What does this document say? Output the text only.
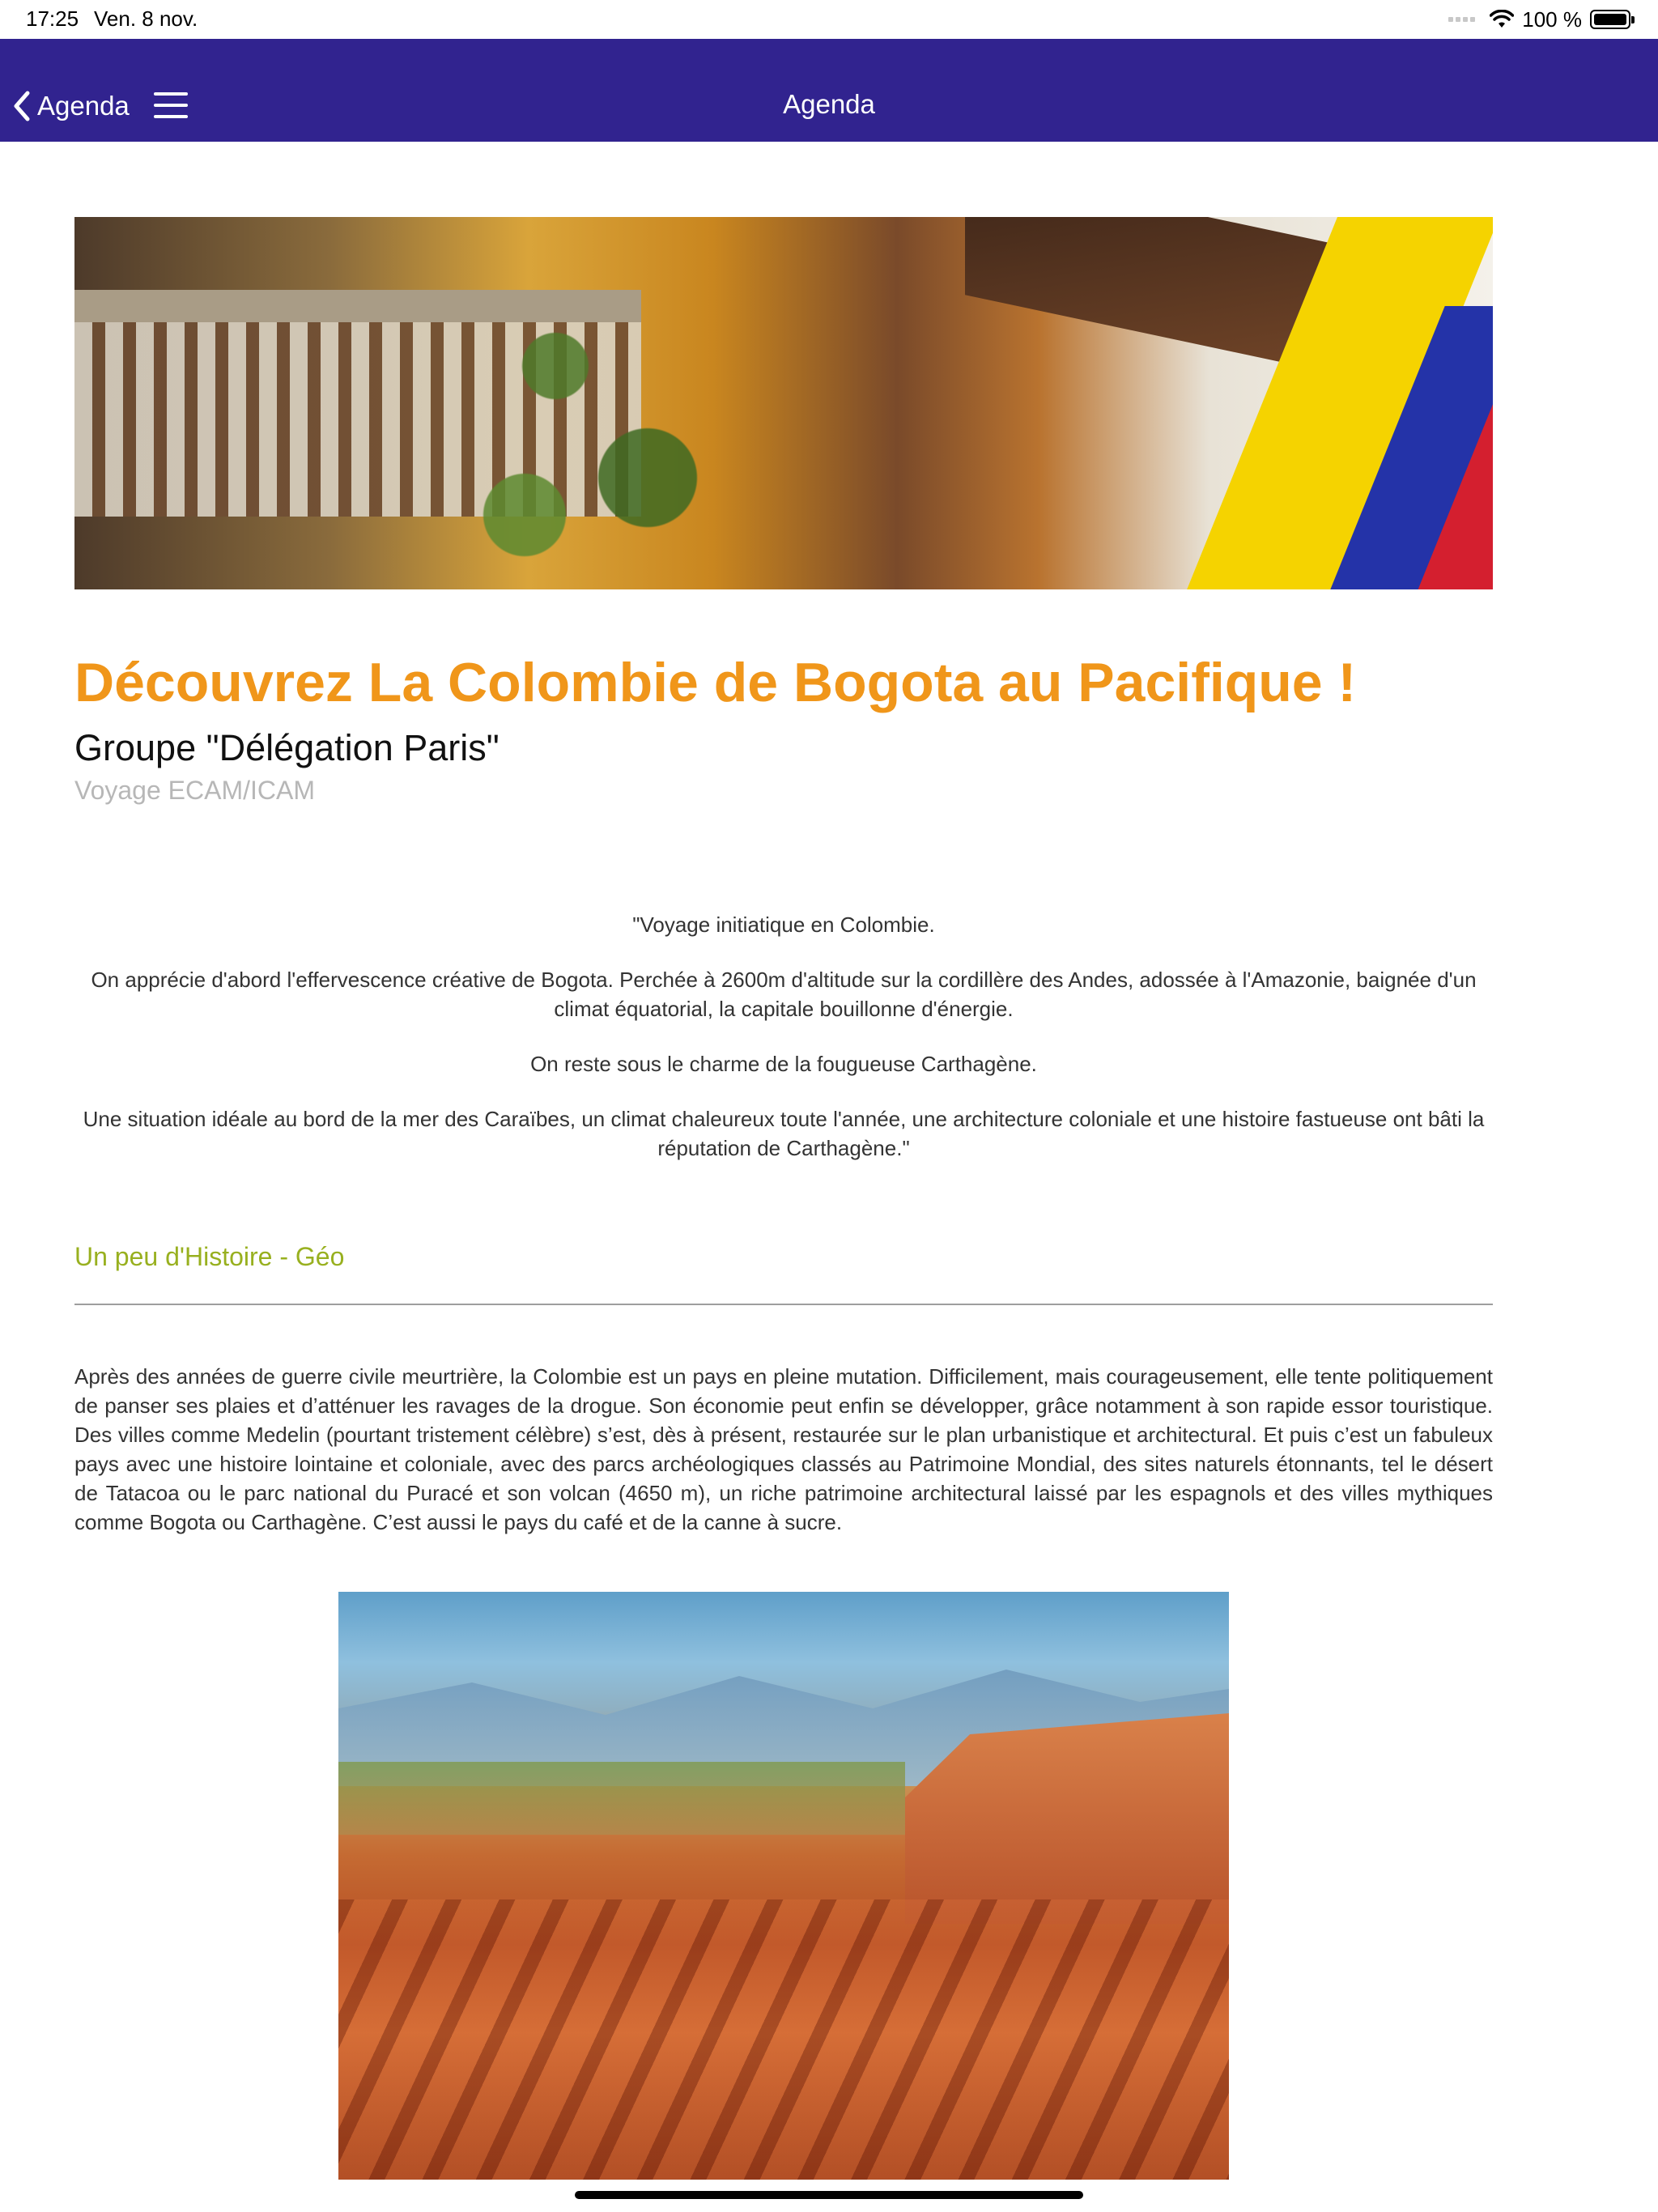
17:25 Ven. 8 nov.	100 %
Agenda	Agenda
Découvrez La Colombie de Bogota au Pacifique !
Groupe "Délégation Paris"
Voyage ECAM/ICAM

"Voyage initiatique en Colombie.

On apprécie d'abord l'effervescence créative de Bogota. Perchée à 2600m d'altitude sur la cordillère des Andes, adossée à l'Amazonie, baignée d'un climat équatorial, la capitale bouillonne d'énergie.

On reste sous le charme de la fougueuse Carthagène.

Une situation idéale au bord de la mer des Caraïbes, un climat chaleureux toute l'année, une architecture coloniale et une histoire fastueuse ont bâti la réputation de Carthagène."

Un peu d'Histoire - Géo

Après des années de guerre civile meurtrière, la Colombie est un pays en pleine mutation. Difficilement, mais courageusement, elle tente politiquement de panser ses plaies et d’atténuer les ravages de la drogue. Son économie peut enfin se développer, grâce notamment à son rapide essor touristique. Des villes comme Medelin (pourtant tristement célèbre) s’est, dès à présent, restaurée sur le plan urbanistique et architectural. Et puis c’est un fabuleux pays avec une histoire lointaine et coloniale, avec des parcs archéologiques classés au Patrimoine Mondial, des sites naturels étonnants, tel le désert de Tatacoa ou le parc national du Puracé et son volcan (4650 m), un riche patrimoine architectural laissé par les espagnols et des villes mythiques comme Bogota ou Carthagène. C’est aussi le pays du café et de la canne à sucre.
